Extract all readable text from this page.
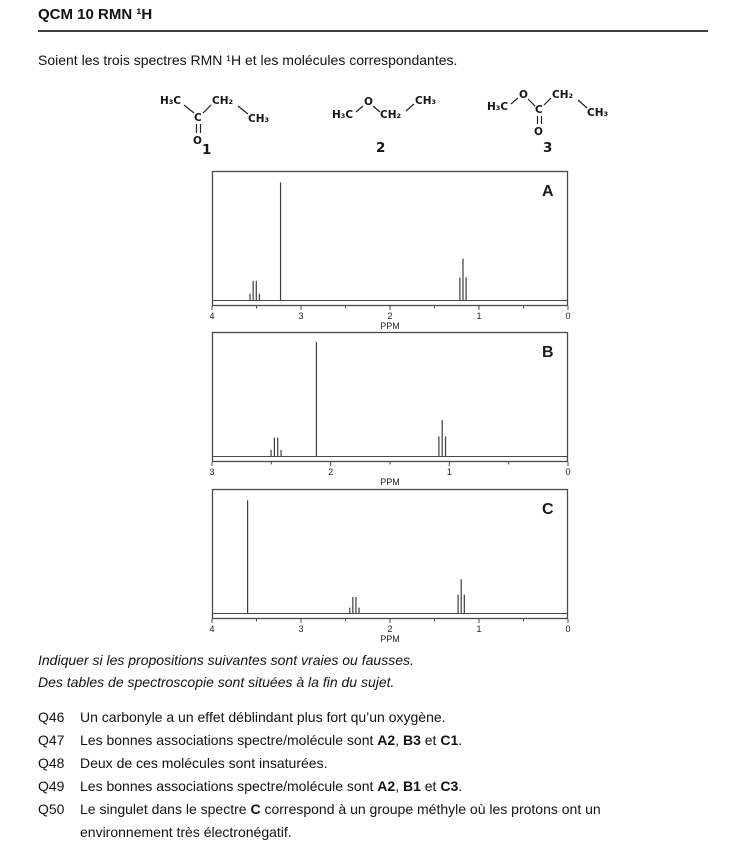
QCM 10 RMN ¹H
Soient les trois spectres RMN ¹H et les molécules correspondantes.
H₃C
C
O
CH₂
CH₃
1
H₃C
O
CH₂
CH₃
2
H₃C
O
C
O
CH₂
CH₃
3
A
4	3	2	1	0
PPM
B
3	2	1	0
PPM
C
4	3	2	1	0
PPM
Indiquer si les propositions suivantes sont vraies ou fausses.
Des tables de spectroscopie sont situées à la fin du sujet.
Q46	Un carbonyle a un effet déblindant plus fort qu’un oxygène.
Q47	Les bonnes associations spectre/molécule sont A2, B3 et C1.
Q48	Deux de ces molécules sont insaturées.
Q49	Les bonnes associations spectre/molécule sont A2, B1 et C3.
Q50	Le singulet dans le spectre C correspond à un groupe méthyle où les protons ont un environnement très électronégatif.
